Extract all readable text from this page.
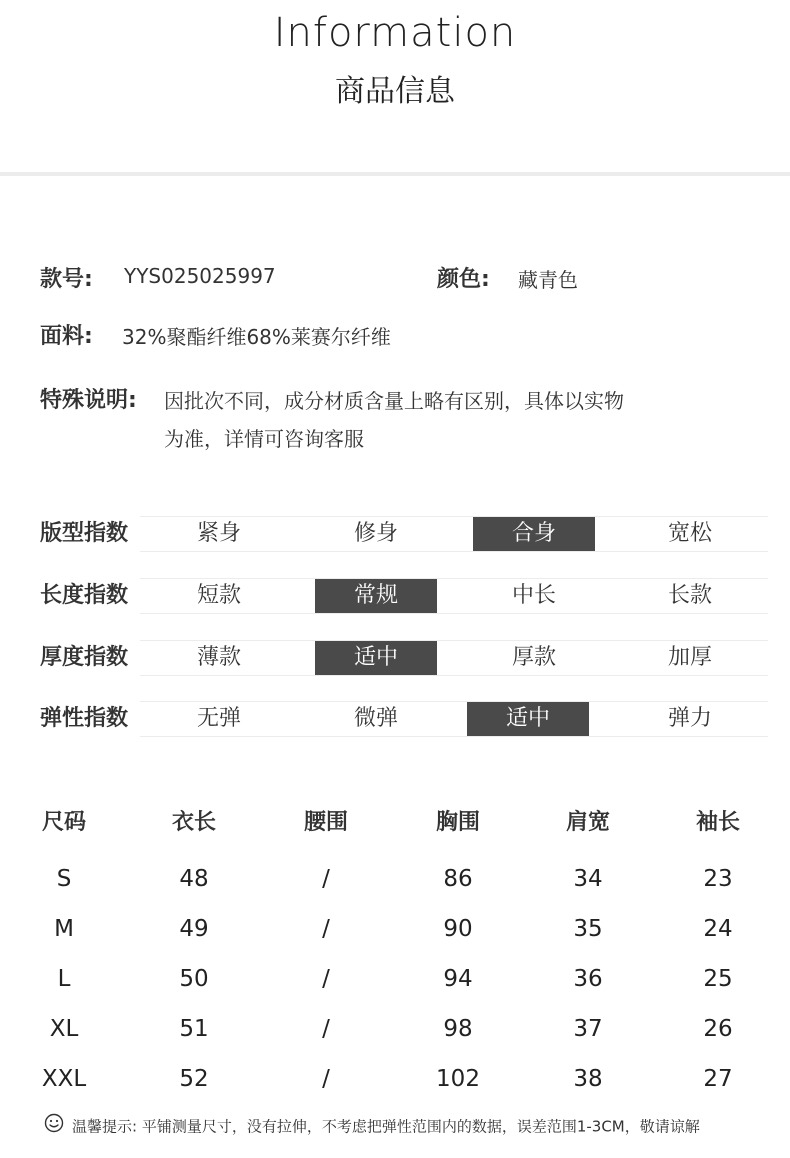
Information
商品信息
款号: YYS025025997	颜色: 藏青色
面料: 32%聚酯纤维68%莱赛尔纤维
特殊说明: 因批次不同，成分材质含量上略有区别，具体以实物
为准，详情可咨询客服
版型指数	紧身	修身	合身	宽松
长度指数	短款	常规	中长	长款
厚度指数	薄款	适中	厚款	加厚
弹性指数	无弹	微弹	适中	弹力
尺码	衣长	腰围	胸围	肩宽	袖长
S	48	/	86	34	23
M	49	/	90	35	24
L	50	/	94	36	25
XL	51	/	98	37	26
XXL	52	/	102	38	27
温馨提示: 平铺测量尺寸，没有拉伸，不考虑把弹性范围内的数据，误差范围1-3CM，敬请谅解
